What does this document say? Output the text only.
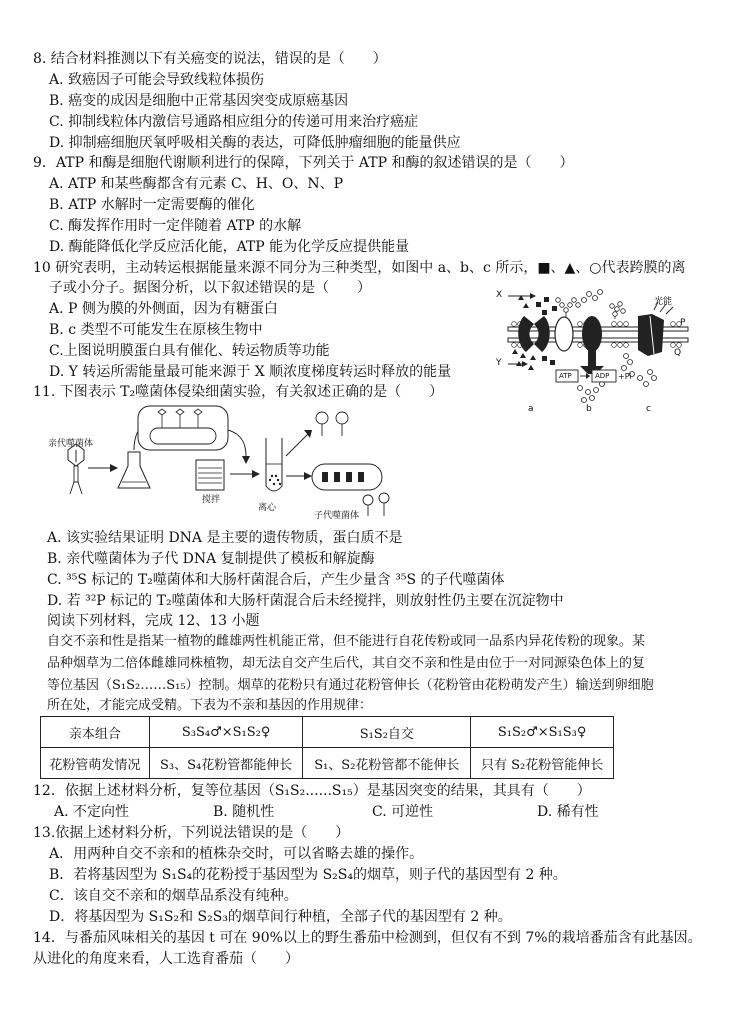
8. 结合材料推测以下有关癌变的说法，错误的是（　　）
A. 致癌因子可能会导致线粒体损伤
B. 癌变的成因是细胞中正常基因突变成原癌基因
C. 抑制线粒体内激信号通路相应组分的传递可用来治疗癌症
D. 抑制癌细胞厌氧呼吸相关酶的表达，可降低肿瘤细胞的能量供应
9．ATP 和酶是细胞代谢顺利进行的保障，下列关于 ATP 和酶的叙述错误的是（　　）
A. ATP 和某些酶都含有元素 C、H、O、N、P
B. ATP 水解时一定需要酶的催化
C. 酶发挥作用时一定伴随着 ATP 的水解
D. 酶能降低化学反应活化能，ATP 能为化学反应提供能量
10 研究表明，主动转运根据能量来源不同分为三种类型，如图中 a、b、c 所示，■、▲、○代表跨膜的离
子或小分子。据图分析，以下叙述错误的是（　　）
A. P 侧为膜的外侧面，因为有糖蛋白
B. c 类型不可能发生在原核生物中
C.上图说明膜蛋白具有催化、转运物质等功能
D. Y 转运所需能量最可能来源于 X 顺浓度梯度转运时释放的能量
X
Y
P
Q
光能
ATP	ADP +Pi
a	b	c
11. 下图表示 T₂噬菌体侵染细菌实验，有关叙述正确的是（　　）
亲代噬菌体
搅拌
离心
子代噬菌体
A. 该实验结果证明 DNA 是主要的遗传物质，蛋白质不是
B. 亲代噬菌体为子代 DNA 复制提供了模板和解旋酶
C. ³⁵S 标记的 T₂噬菌体和大肠杆菌混合后，产生少量含 ³⁵S 的子代噬菌体
D. 若 ³²P 标记的 T₂噬菌体和大肠杆菌混合后未经搅拌，则放射性仍主要在沉淀物中
阅读下列材料，完成 12、13 小题
自交不亲和性是指某一植物的雌雄两性机能正常，但不能进行自花传粉或同一品系内异花传粉的现象。某
品种烟草为二倍体雌雄同株植物，却无法自交产生后代，其自交不亲和性是由位于一对同源染色体上的复
等位基因（S₁S₂……S₁₅）控制。烟草的花粉只有通过花粉管伸长（花粉管由花粉萌发产生）输送到卵细胞
所在处，才能完成受精。下表为不亲和基因的作用规律：
亲本组合	S₃S₄♂×S₁S₂♀	S₁S₂自交	S₁S₂♂×S₁S₃♀
花粉管萌发情况	S₃、S₄花粉管都能伸长	S₁、S₂花粉管都不能伸长	只有 S₂花粉管能伸长
12．依据上述材料分析，复等位基因（S₁S₂......S₁₅）是基因突变的结果，其具有（　　）
A. 不定向性	B. 随机性	C. 可逆性	D. 稀有性
13.依据上述材料分析，下列说法错误的是（　　）
A．用两种自交不亲和的植株杂交时，可以省略去雄的操作。
B．若将基因型为 S₁S₄的花粉授于基因型为 S₂S₄的烟草，则子代的基因型有 2 种。
C．该自交不亲和的烟草品系没有纯种。
D．将基因型为 S₁S₂和 S₂S₃的烟草间行种植，全部子代的基因型有 2 种。
14．与番茄风味相关的基因 t 可在 90%以上的野生番茄中检测到，但仅有不到 7%的栽培番茄含有此基因。
从进化的角度来看，人工选育番茄（　　）
